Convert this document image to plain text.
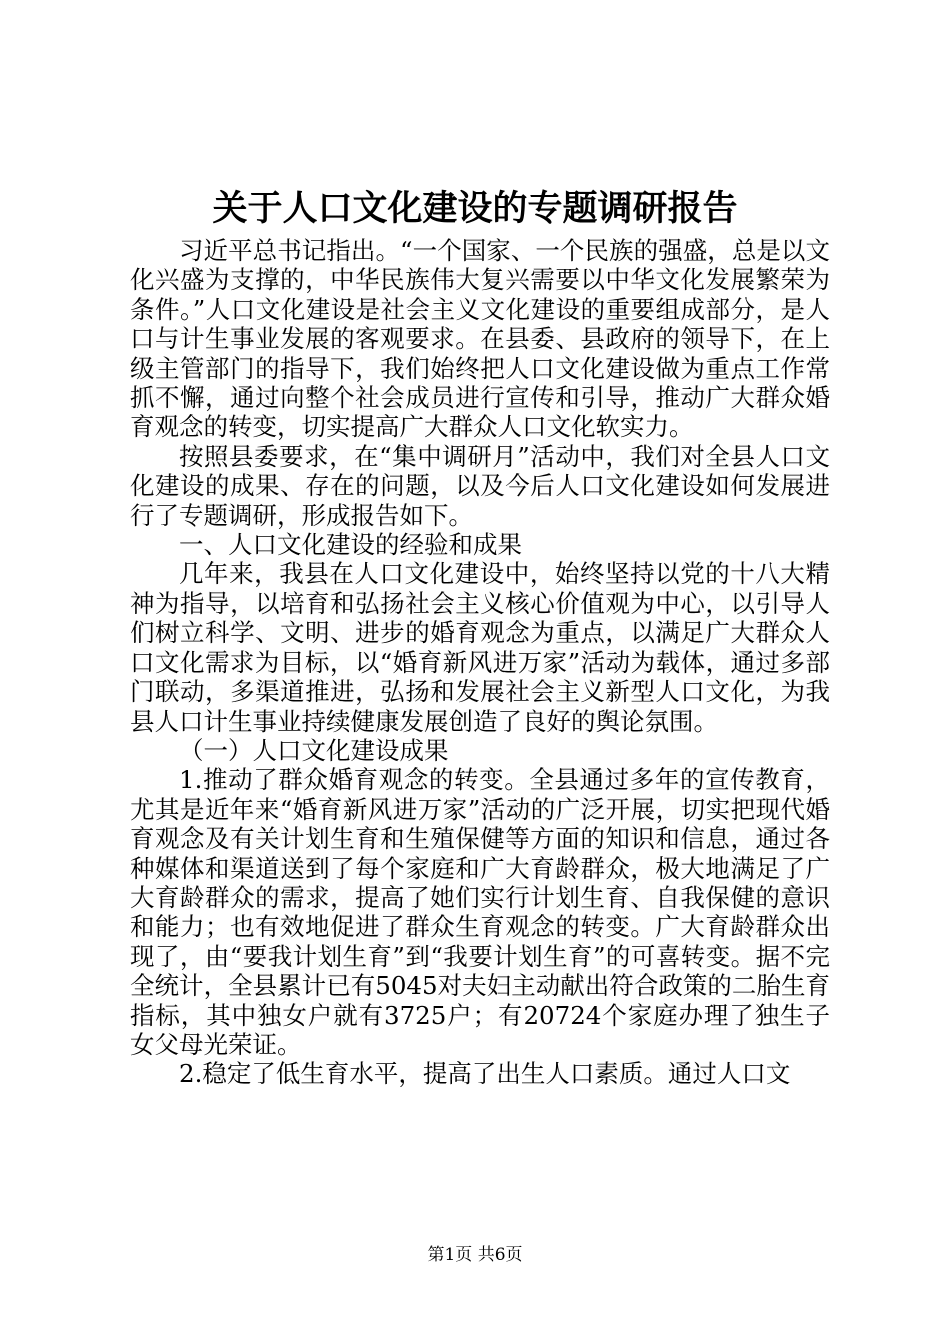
关于人口文化建设的专题调研报告

习近平总书记指出。“一个国家、一个民族的强盛，总是以文化兴盛为支撑的，中华民族伟大复兴需要以中华文化发展繁荣为条件。”人口文化建设是社会主义文化建设的重要组成部分，是人口与计生事业发展的客观要求。在县委、县政府的领导下，在上级主管部门的指导下，我们始终把人口文化建设做为重点工作常抓不懈，通过向整个社会成员进行宣传和引导，推动广大群众婚育观念的转变，切实提高广大群众人口文化软实力。

按照县委要求，在“集中调研月”活动中，我们对全县人口文化建设的成果、存在的问题，以及今后人口文化建设如何发展进行了专题调研，形成报告如下。

一、人口文化建设的经验和成果

几年来，我县在人口文化建设中，始终坚持以党的十八大精神为指导，以培育和弘扬社会主义核心价值观为中心，以引导人们树立科学、文明、进步的婚育观念为重点，以满足广大群众人口文化需求为目标，以“婚育新风进万家”活动为载体，通过多部门联动，多渠道推进，弘扬和发展社会主义新型人口文化，为我县人口计生事业持续健康发展创造了良好的舆论氛围。

（一）人口文化建设成果

1.推动了群众婚育观念的转变。全县通过多年的宣传教育，尤其是近年来“婚育新风进万家”活动的广泛开展，切实把现代婚育观念及有关计划生育和生殖保健等方面的知识和信息，通过各种媒体和渠道送到了每个家庭和广大育龄群众，极大地满足了广大育龄群众的需求，提高了她们实行计划生育、自我保健的意识和能力；也有效地促进了群众生育观念的转变。广大育龄群众出现了，由“要我计划生育”到“我要计划生育”的可喜转变。据不完全统计，全县累计已有5045对夫妇主动献出符合政策的二胎生育指标，其中独女户就有3725户；有20724个家庭办理了独生子女父母光荣证。

2.稳定了低生育水平，提高了出生人口素质。通过人口文

第1页 共6页
